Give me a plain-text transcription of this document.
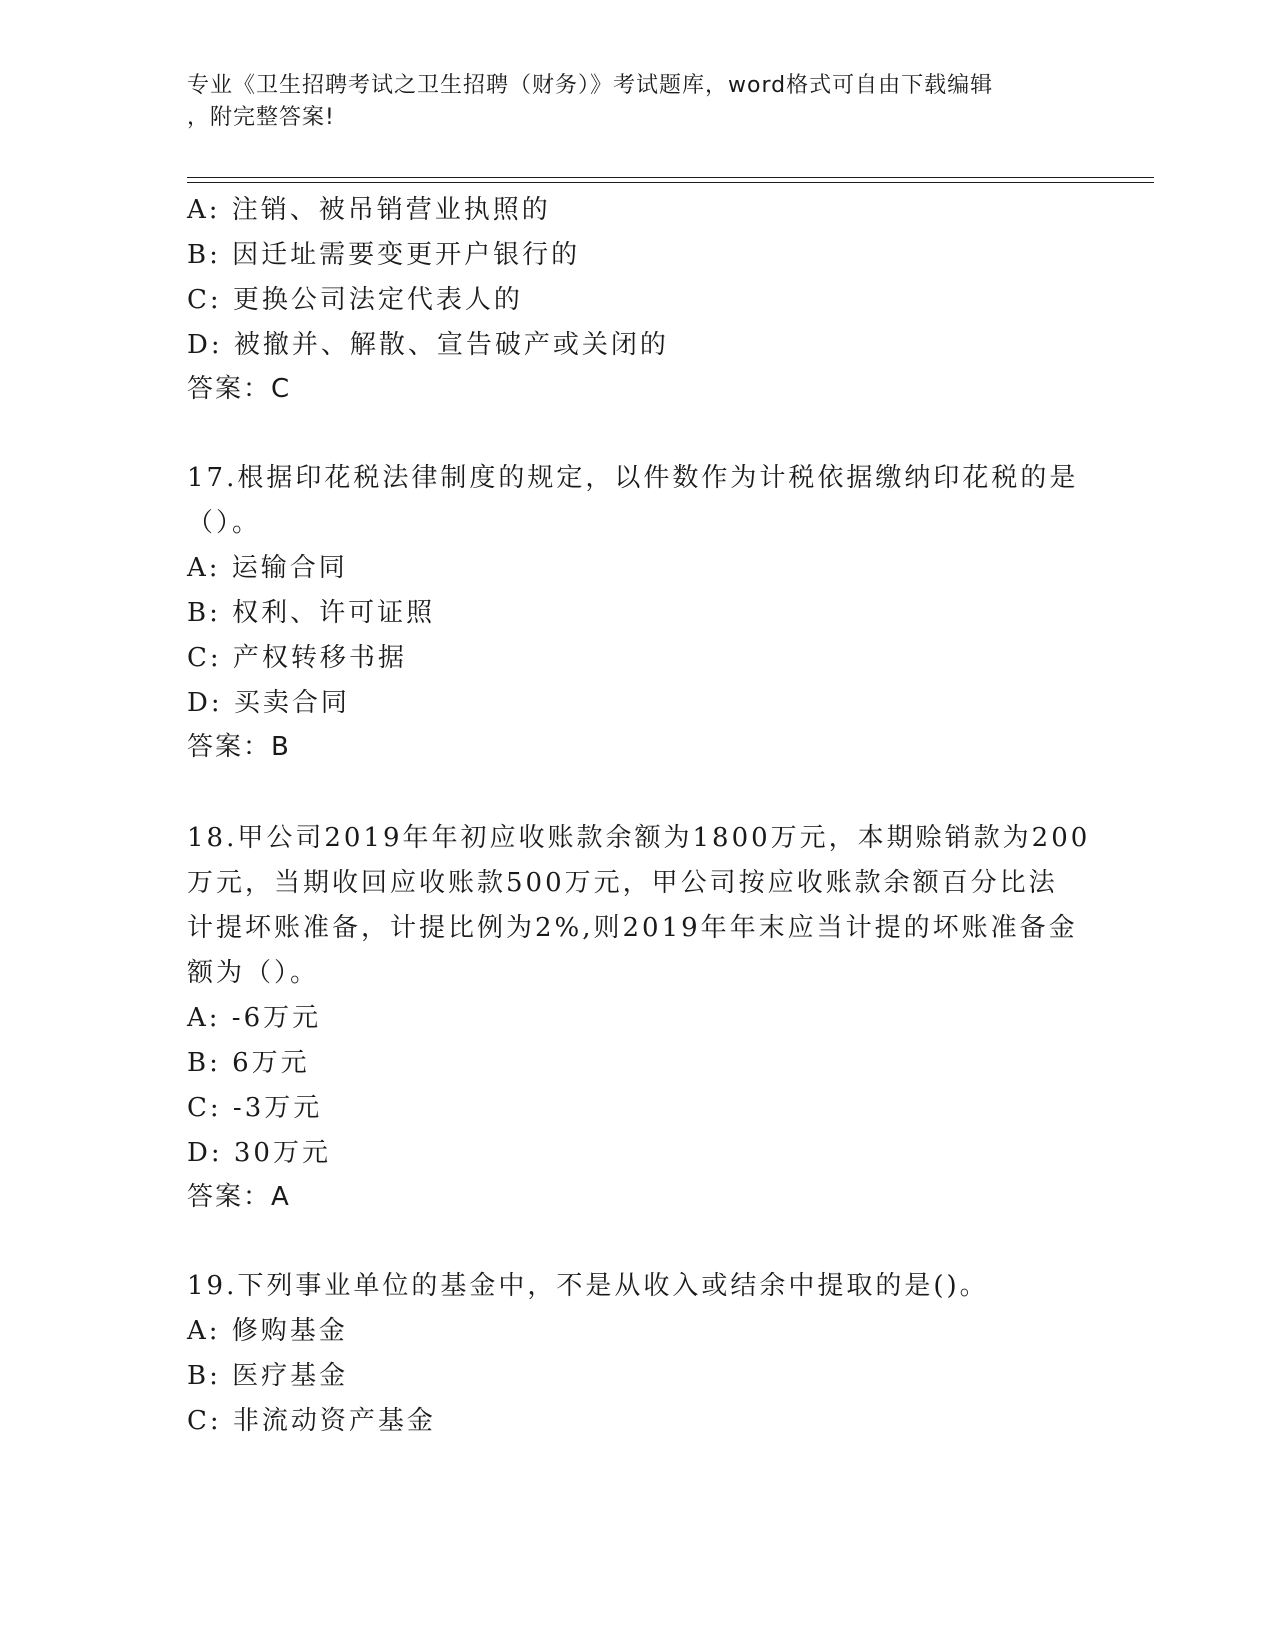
专业《卫生招聘考试之卫生招聘（财务）》考试题库，word格式可自由下载编辑
，附完整答案!
A: 注销、被吊销营业执照的
B: 因迁址需要变更开户银行的
C: 更换公司法定代表人的
D: 被撤并、解散、宣告破产或关闭的
答案：C
17.根据印花税法律制度的规定，以件数作为计税依据缴纳印花税的是
（）。
A: 运输合同
B: 权利、许可证照
C: 产权转移书据
D: 买卖合同
答案：B
18.甲公司2019年年初应收账款余额为1800万元，本期赊销款为200
万元，当期收回应收账款500万元，甲公司按应收账款余额百分比法
计提坏账准备，计提比例为2%,则2019年年末应当计提的坏账准备金
额为（）。
A: -6万元
B: 6万元
C: -3万元
D: 30万元
答案：A
19.下列事业单位的基金中，不是从收入或结余中提取的是()。
A: 修购基金
B: 医疗基金
C: 非流动资产基金
